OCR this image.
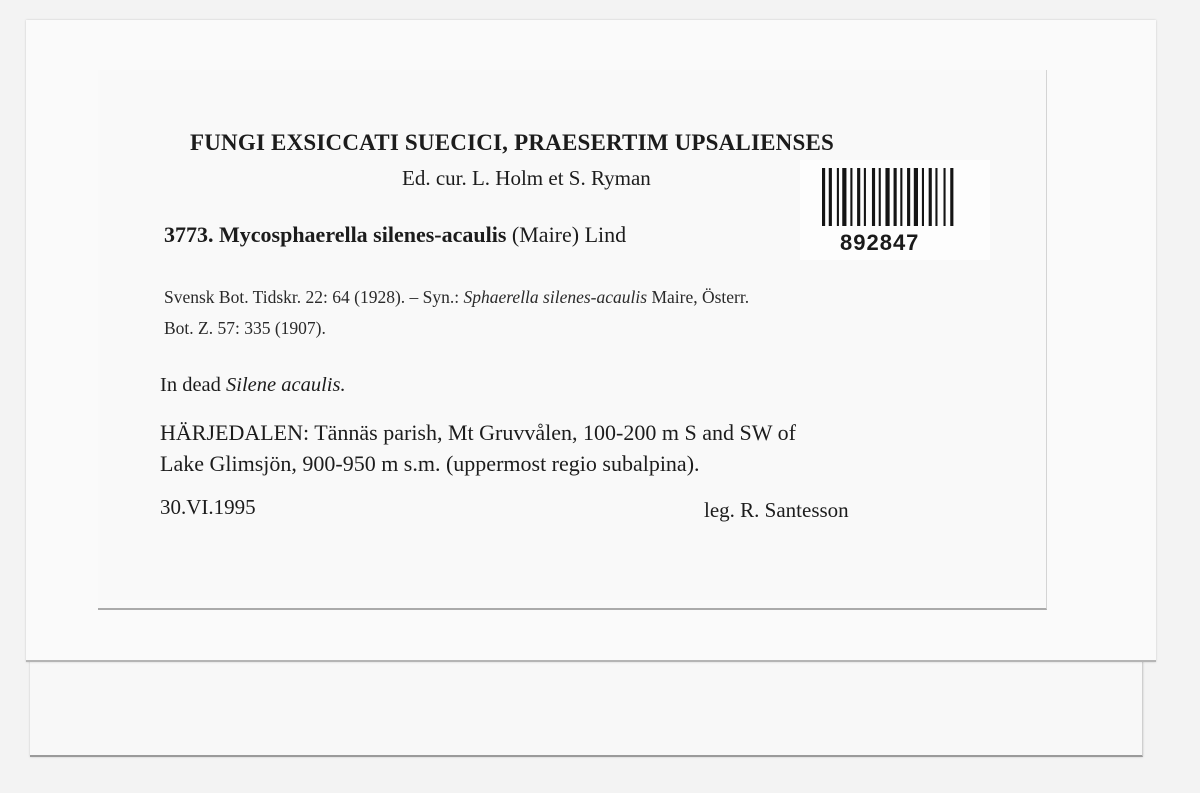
FUNGI EXSICCATI SUECICI, PRAESERTIM UPSALIENSES
Ed. cur. L. Holm et S. Ryman
3773. Mycosphaerella silenes-acaulis (Maire) Lind
Svensk Bot. Tidskr. 22: 64 (1928). – Syn.: Sphaerella silenes-acaulis Maire, Österr.
Bot. Z. 57: 335 (1907).
In dead Silene acaulis.
HÄRJEDALEN: Tännäs parish, Mt Gruvvålen, 100-200 m S and SW of
Lake Glimsjön, 900-950 m s.m. (uppermost regio subalpina).
30.VI.1995	leg. R. Santesson
892847
